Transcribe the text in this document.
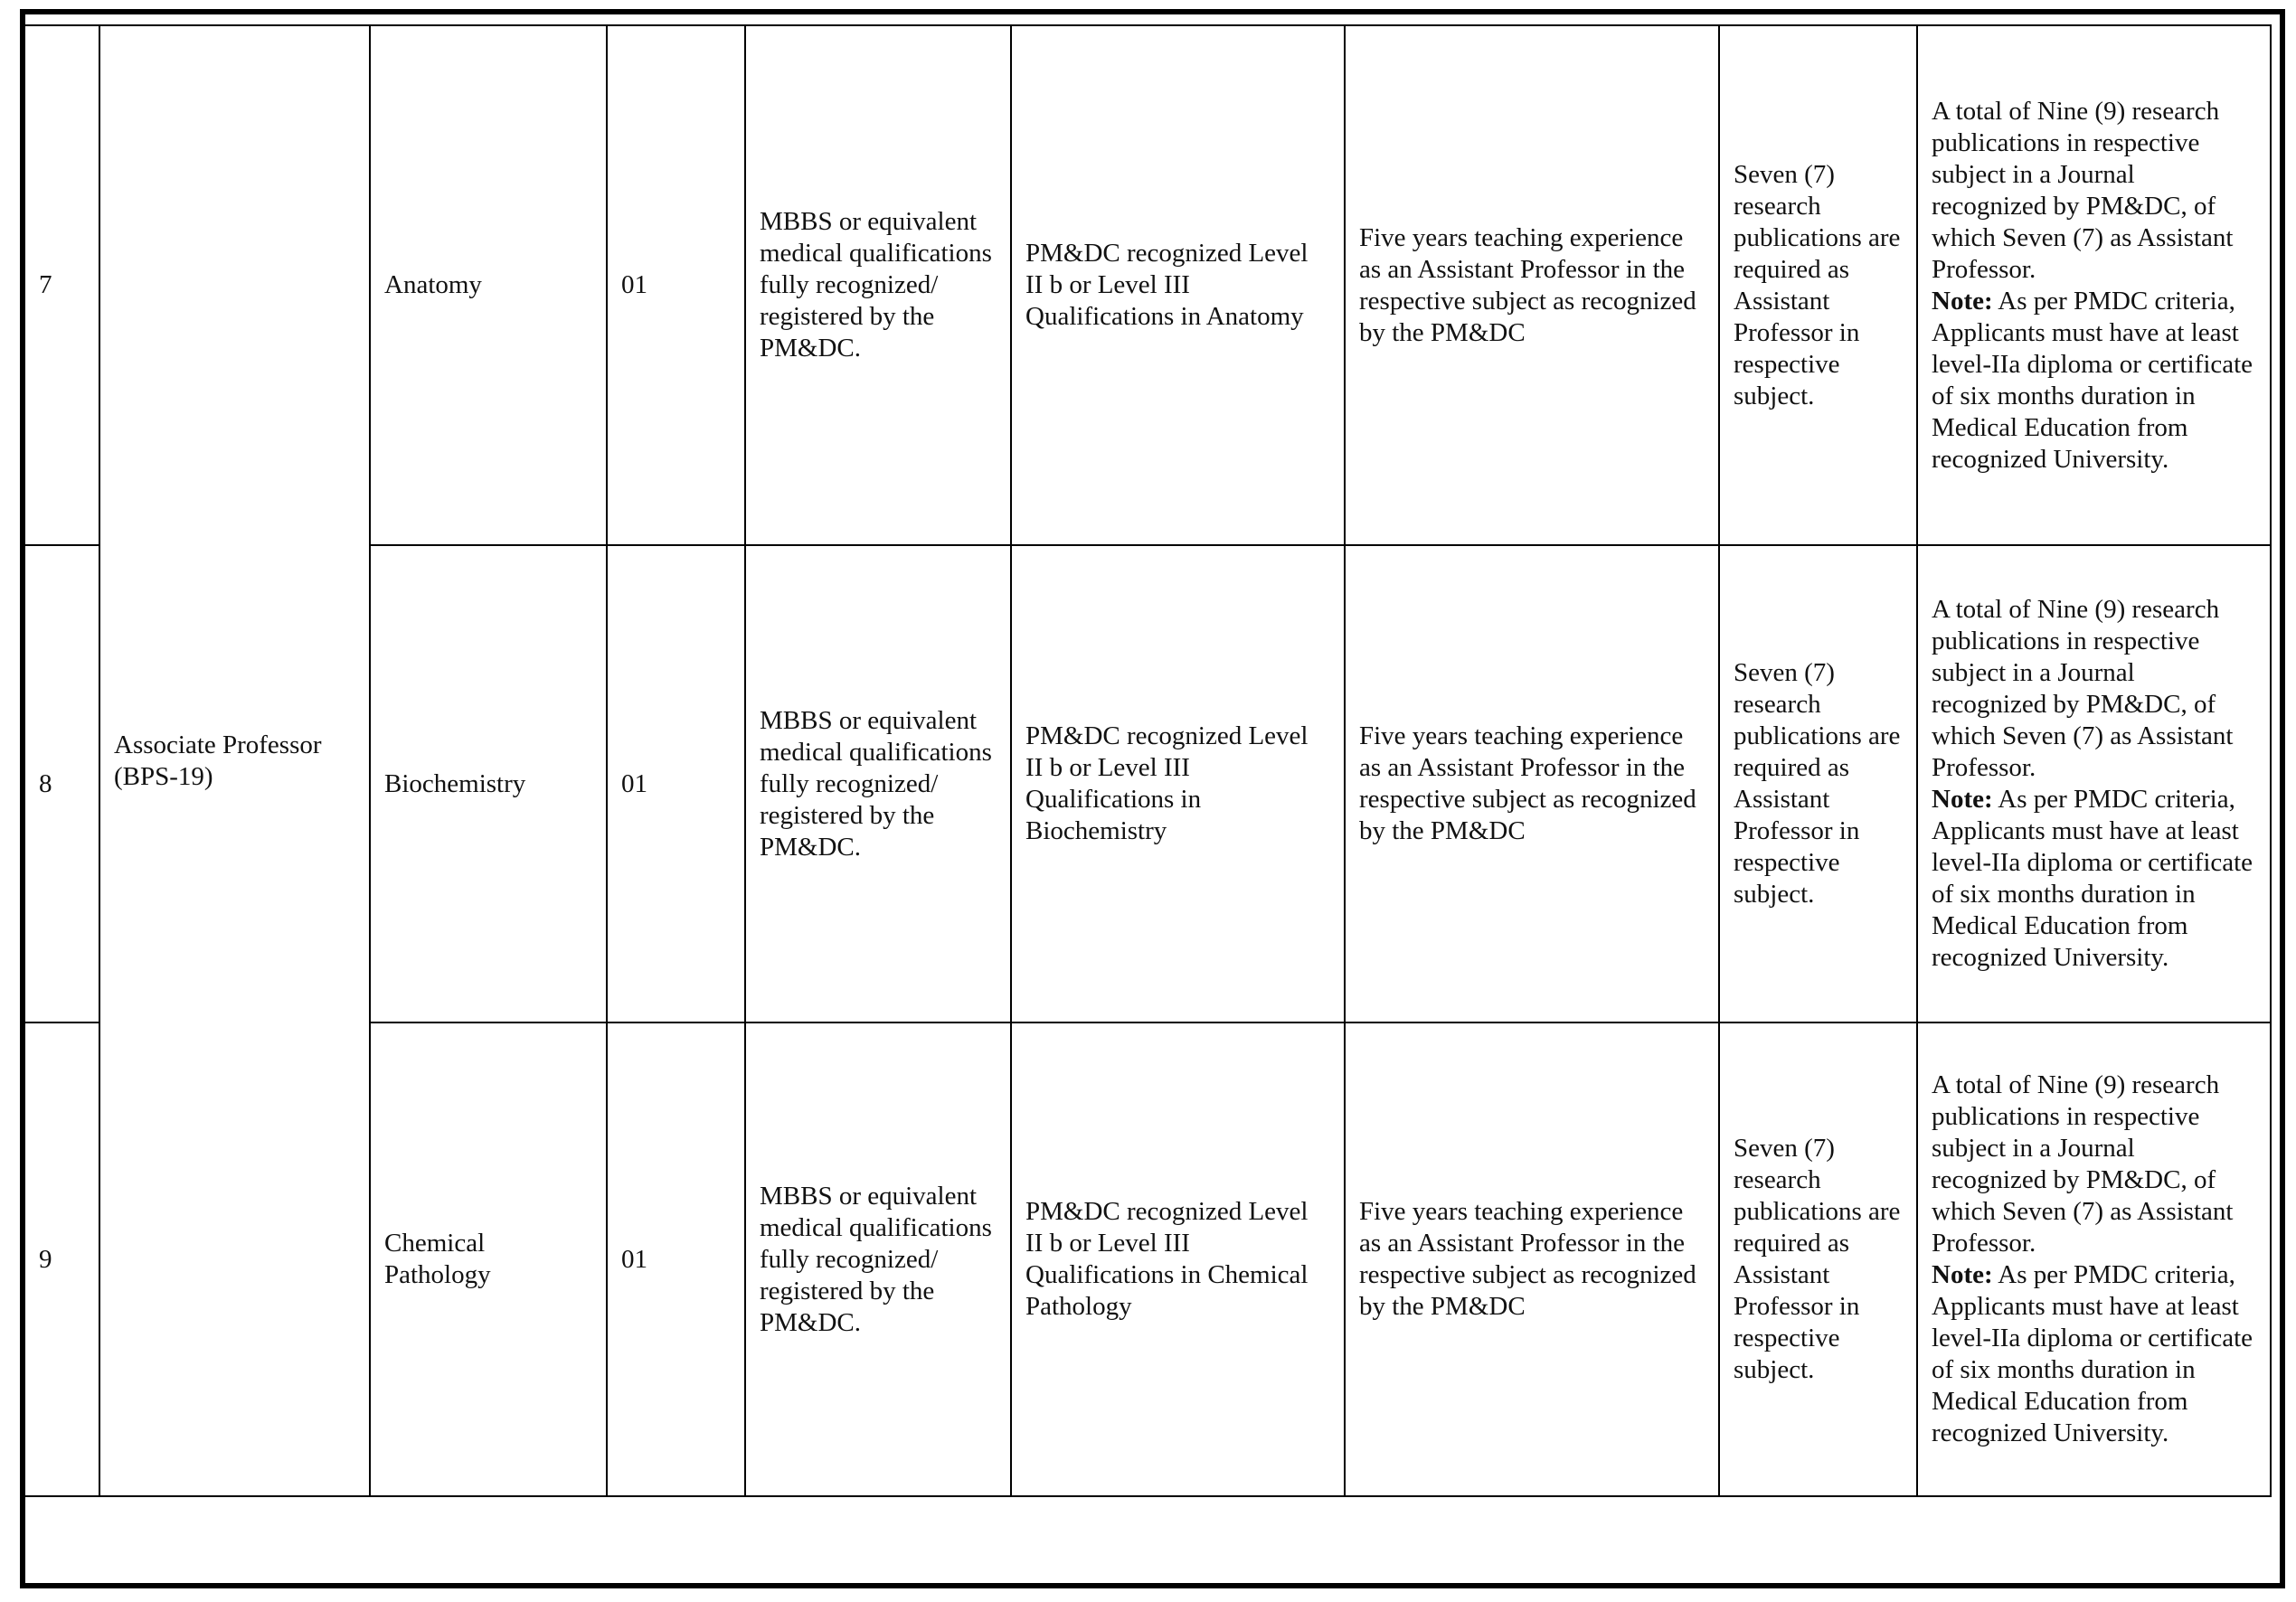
7	Associate Professor (BPS-19)	Anatomy	01	MBBS or equivalent medical qualifications fully recognized/ registered by the PM&DC.	PM&DC recognized Level II b or Level III Qualifications in Anatomy	Five years teaching experience as an Assistant Professor in the respective subject as recognized by the PM&DC	Seven (7) research publications are required as Assistant Professor in respective subject.	A total of Nine (9) research publications in respective subject in a Journal recognized by PM&DC, of which Seven (7) as Assistant Professor.
Note: As per PMDC criteria, Applicants must have at least level-IIa diploma or certificate of six months duration in Medical Education from recognized University.
8		Biochemistry	01	MBBS or equivalent medical qualifications fully recognized/ registered by the PM&DC.	PM&DC recognized Level II b or Level III Qualifications in Biochemistry	Five years teaching experience as an Assistant Professor in the respective subject as recognized by the PM&DC	Seven (7) research publications are required as Assistant Professor in respective subject.	A total of Nine (9) research publications in respective subject in a Journal recognized by PM&DC, of which Seven (7) as Assistant Professor.
Note: As per PMDC criteria, Applicants must have at least level-IIa diploma or certificate of six months duration in Medical Education from recognized University.
9		Chemical Pathology	01	MBBS or equivalent medical qualifications fully recognized/ registered by the PM&DC.	PM&DC recognized Level II b or Level III Qualifications in Chemical Pathology	Five years teaching experience as an Assistant Professor in the respective subject as recognized by the PM&DC	Seven (7) research publications are required as Assistant Professor in respective subject.	A total of Nine (9) research publications in respective subject in a Journal recognized by PM&DC, of which Seven (7) as Assistant Professor.
Note: As per PMDC criteria, Applicants must have at least level-IIa diploma or certificate of six months duration in Medical Education from recognized University.
